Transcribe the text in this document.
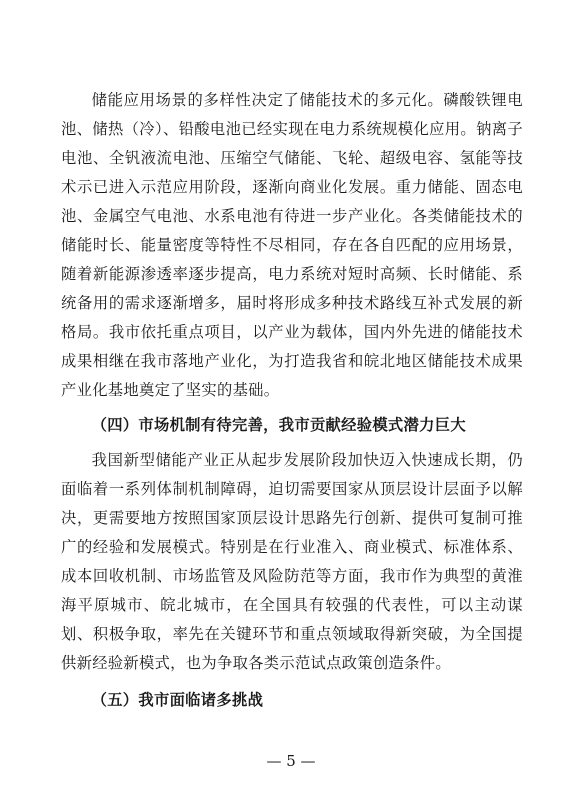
储能应用场景的多样性决定了储能技术的多元化。磷酸铁锂电池、储热（冷）、铅酸电池已经实现在电力系统规模化应用。钠离子电池、全钒液流电池、压缩空气储能、飞轮、超级电容、氢能等技术示已进入示范应用阶段，逐渐向商业化发展。重力储能、固态电池、金属空气电池、水系电池有待进一步产业化。各类储能技术的储能时长、能量密度等特性不尽相同，存在各自匹配的应用场景，随着新能源渗透率逐步提高，电力系统对短时高频、长时储能、系统备用的需求逐渐增多，届时将形成多种技术路线互补式发展的新格局。我市依托重点项目，以产业为载体，国内外先进的储能技术成果相继在我市落地产业化，为打造我省和皖北地区储能技术成果产业化基地奠定了坚实的基础。

（四）市场机制有待完善，我市贡献经验模式潜力巨大

我国新型储能产业正从起步发展阶段加快迈入快速成长期，仍面临着一系列体制机制障碍，迫切需要国家从顶层设计层面予以解决，更需要地方按照国家顶层设计思路先行创新、提供可复制可推广的经验和发展模式。特别是在行业准入、商业模式、标准体系、成本回收机制、市场监管及风险防范等方面，我市作为典型的黄淮海平原城市、皖北城市，在全国具有较强的代表性，可以主动谋划、积极争取，率先在关键环节和重点领域取得新突破，为全国提供新经验新模式，也为争取各类示范试点政策创造条件。

（五）我市面临诸多挑战

— 5 —
